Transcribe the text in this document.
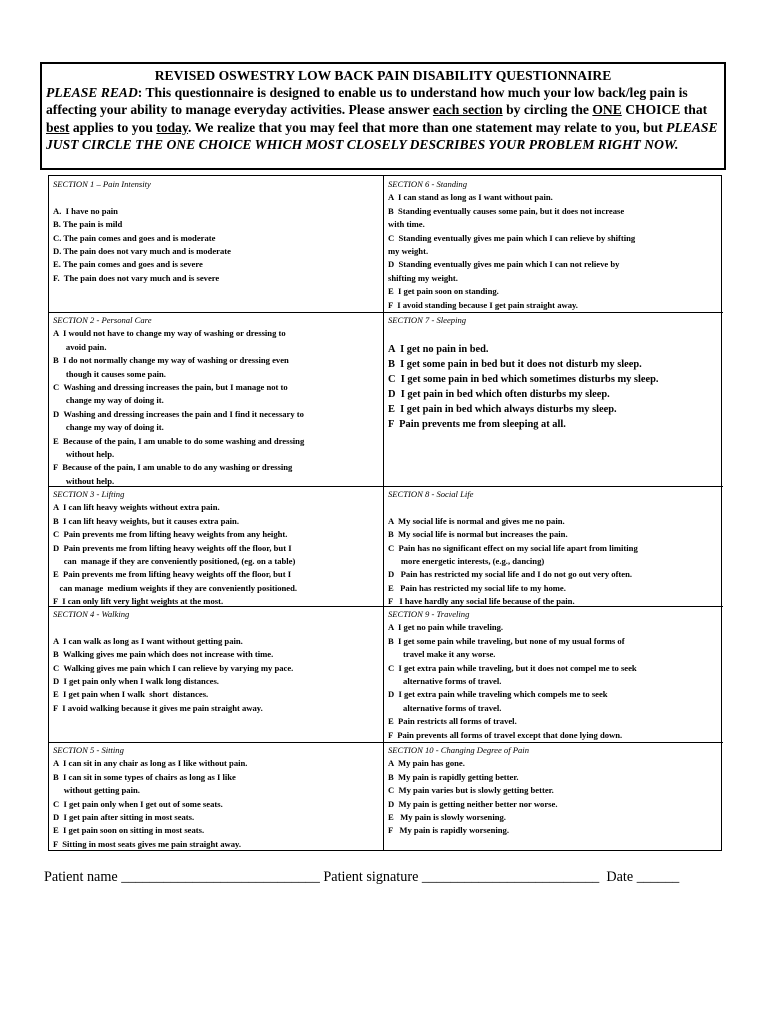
REVISED OSWESTRY LOW BACK PAIN DISABILITY QUESTIONNAIRE

PLEASE READ: This questionnaire is designed to enable us to understand how much your low back/leg pain is affecting your ability to manage everyday activities. Please answer each section by circling the ONE CHOICE that best applies to you today. We realize that you may feel that more than one statement may relate to you, but PLEASE JUST CIRCLE THE ONE CHOICE WHICH MOST CLOSELY DESCRIBES YOUR PROBLEM RIGHT NOW.

SECTION 1 – Pain Intensity

A.  I have no pain
B. The pain is mild
C. The pain comes and goes and is moderate
D. The pain does not vary much and is moderate
E. The pain comes and goes and is severe
F.  The pain does not vary much and is severe
SECTION 2 - Personal Care
A  I would not have to change my way of washing or dressing to
avoid pain.
B  I do not normally change my way of washing or dressing even
though it causes some pain.
C  Washing and dressing increases the pain, but I manage not to
change my way of doing it.
D  Washing and dressing increases the pain and I find it necessary to
change my way of doing it.
E  Because of the pain, I am unable to do some washing and dressing
without help.
F  Because of the pain, I am unable to do any washing or dressing
without help.
SECTION 3 - Lifting
A  I can lift heavy weights without extra pain.
B  I can lift heavy weights, but it causes extra pain.
C  Pain prevents me from lifting heavy weights from any height.
D  Pain prevents me from lifting heavy weights off the floor, but I
can  manage if they are conveniently positioned, (eg. on a table)
E  Pain prevents me from lifting heavy weights off the floor, but I
can manage  medium weights if they are conveniently positioned.
F  I can only lift very light weights at the most.
SECTION 4 - Walking

A  I can walk as long as I want without getting pain.
B  Walking gives me pain which does not increase with time.
C  Walking gives me pain which I can relieve by varying my pace.
D  I get pain only when I walk long distances.
E  I get pain when I walk  short  distances.
F  I avoid walking because it gives me pain straight away.
SECTION 5 - Sitting
A  I can sit in any chair as long as I like without pain.
B  I can sit in some types of chairs as long as I like
without getting pain.
C  I get pain only when I get out of some seats.
D  I get pain after sitting in most seats.
E  I get pain soon on sitting in most seats.
F  Sitting in most seats gives me pain straight away.
SECTION 6 - Standing
A  I can stand as long as I want without pain.
B  Standing eventually causes some pain, but it does not increase
with time.
C  Standing eventually gives me pain which I can relieve by shifting
my weight.
D  Standing eventually gives me pain which I can not relieve by
shifting my weight.
E  I get pain soon on standing.
F  I avoid standing because I get pain straight away.
SECTION 7 - Sleeping

A  I get no pain in bed.
B  I get some pain in bed but it does not disturb my sleep.
C  I get some pain in bed which sometimes disturbs my sleep.
D  I get pain in bed which often disturbs my sleep.
E  I get pain in bed which always disturbs my sleep.
F  Pain prevents me from sleeping at all.
SECTION 8 - Social Life

A  My social life is normal and gives me no pain.
B  My social life is normal but increases the pain.
C  Pain has no significant effect on my social life apart from limiting
more energetic interests, (e.g., dancing)
D   Pain has restricted my social life and I do not go out very often.
E   Pain has restricted my social life to my home.
F   I have hardly any social life because of the pain.
SECTION 9 - Traveling
A  I get no pain while traveling.
B  I get some pain while traveling, but none of my usual forms of
travel make it any worse.
C  I get extra pain while traveling, but it does not compel me to seek
alternative forms of travel.
D  I get extra pain while traveling which compels me to seek
alternative forms of travel.
E  Pain restricts all forms of travel.
F  Pain prevents all forms of travel except that done lying down.
SECTION 10 - Changing Degree of Pain
A  My pain has gone.
B  My pain is rapidly getting better.
C  My pain varies but is slowly getting better.
D  My pain is getting neither better nor worse.
E   My pain is slowly worsening.
F   My pain is rapidly worsening.
Patient name ____________________________ Patient signature _________________________ Date ______
